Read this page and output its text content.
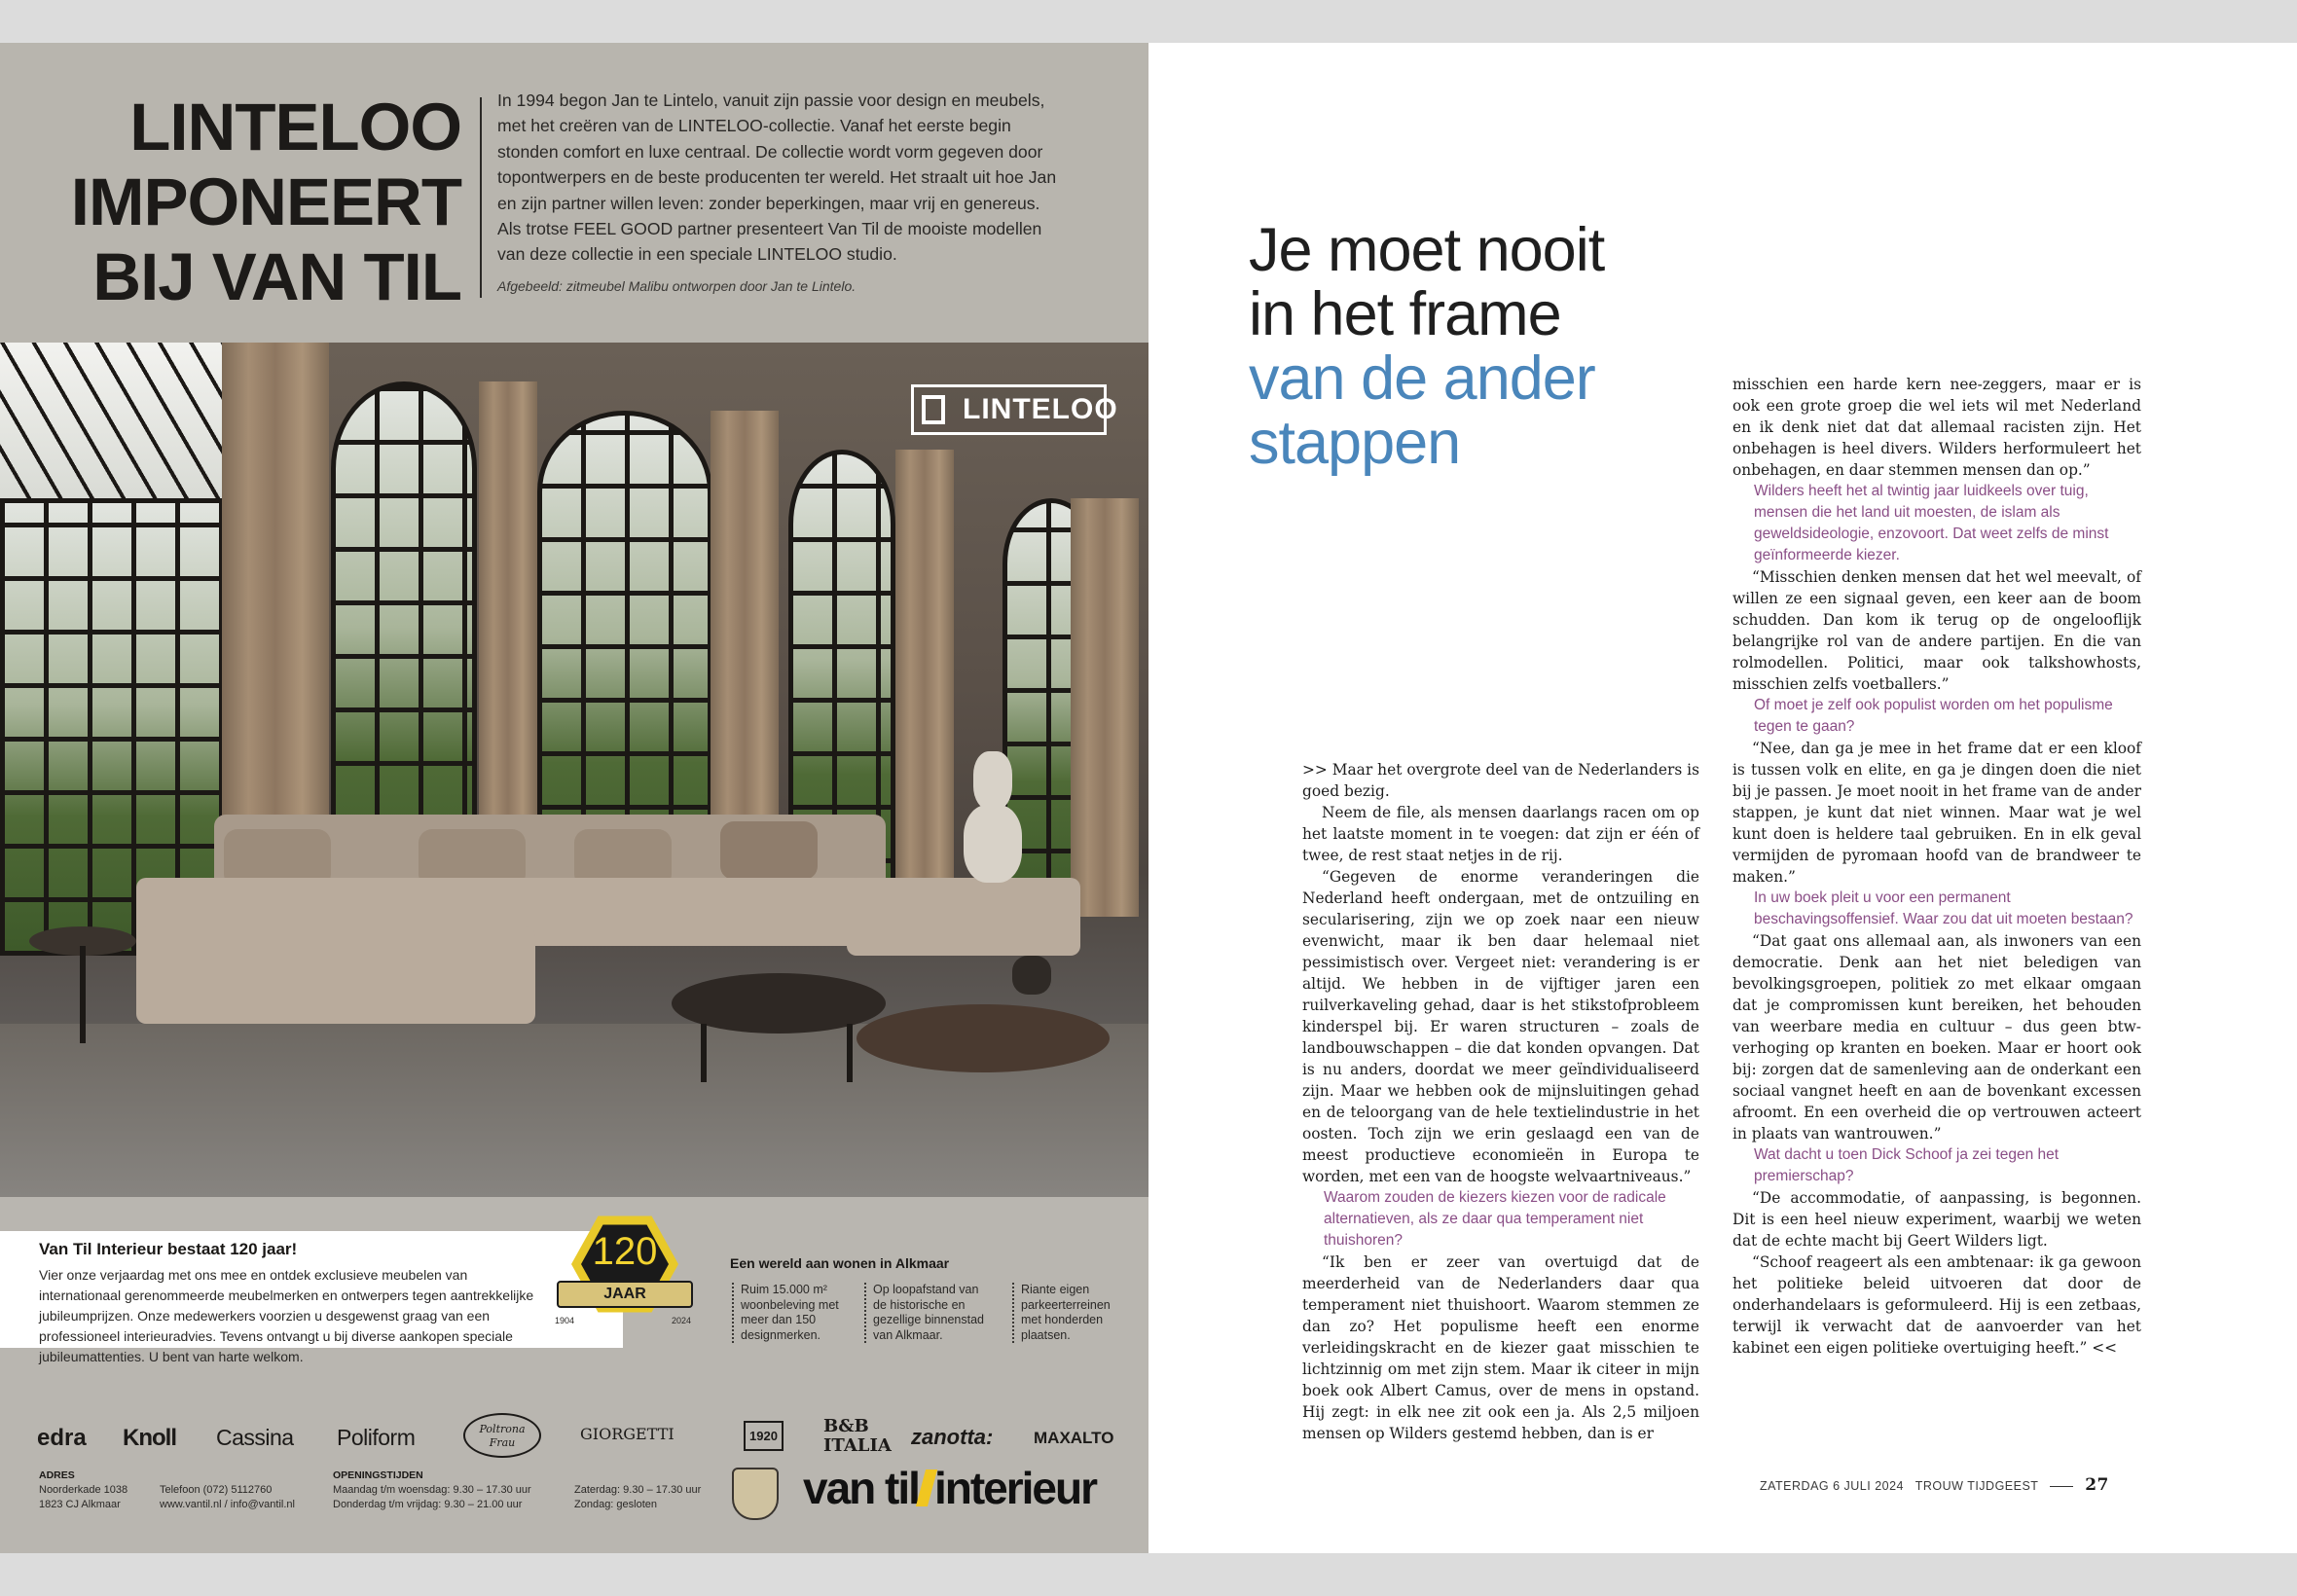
LINTELOO
IMPONEERT
BIJ VAN TIL
In 1994 begon Jan te Lintelo, vanuit zijn passie voor design en meubels, met het creëren van de LINTELOO-collectie. Vanaf het eerste begin stonden comfort en luxe centraal. De collectie wordt vorm gegeven door topontwerpers en de beste producenten ter wereld. Het straalt uit hoe Jan en zijn partner willen leven: zonder beperkingen, maar vrij en genereus. Als trotse FEEL GOOD partner presenteert Van Til de mooiste modellen van deze collectie in een speciale LINTELOO studio.
Afgebeeld: zitmeubel Malibu ontworpen door Jan te Lintelo.
LINTELOO
Van Til Interieur bestaat 120 jaar!
Vier onze verjaardag met ons mee en ontdek exclusieve meubelen van internationaal gerenommeerde meubelmerken en ontwerpers tegen aantrekkelijke jubileumprijzen. Onze medewerkers voorzien u desgewenst graag van een professioneel interieuradvies. Tevens ontvangt u bij diverse aankopen speciale jubileumattenties. U bent van harte welkom.
120
JAAR
1904	2024
Een wereld aan wonen in Alkmaar
Ruim 15.000 m² woonbeleving met meer dan 150 designmerken.
Op loopafstand van de historische en gezellige binnenstad van Alkmaar.
Riante eigen parkeerterreinen met honderden plaatsen.
edra Knoll Cassina Poliform	Poltrona Frau	GIORGETTI	1920	B&B ITALIA zanotta: MAXALTO
ADRES
Noorderkade 1038
1823 CJ Alkmaar
Telefoon (072) 5112760
www.vantil.nl / info@vantil.nl
OPENINGSTIJDEN
Maandag t/m woensdag: 9.30 – 17.30 uur
Donderdag t/m vrijdag: 9.30 – 21.00 uur
Zaterdag: 9.30 – 17.30 uur
Zondag: gesloten	van til interieur
Je moet nooit
in het frame
van de ander
stappen

>> Maar het overgrote deel van de Nederlanders is goed bezig.

Neem de file, als mensen daarlangs racen om op het laatste moment in te voegen: dat zijn er één of twee, de rest staat netjes in de rij.

“Gegeven de enorme veranderingen die Nederland heeft ondergaan, met de ontzuiling en secularisering, zijn we op zoek naar een nieuw evenwicht, maar ik ben daar helemaal niet pessimistisch over. Vergeet niet: verandering is er altijd. We hebben in de vijftiger jaren een ruilverkaveling gehad, daar is het stikstofprobleem kinderspel bij. Er waren structuren – zoals de landbouwschappen – die dat konden opvangen. Dat is nu anders, doordat we meer geïndividualiseerd zijn. Maar we hebben ook de mijnsluitingen gehad en de teloorgang van de hele textielindustrie in het oosten. Toch zijn we erin geslaagd een van de meest productieve economieën in Europa te worden, met een van de hoogste welvaartniveaus.”

Waarom zouden de kiezers kiezen voor de radicale alternatieven, als ze daar qua temperament niet thuishoren?

“Ik ben er zeer van overtuigd dat de meerderheid van de Nederlanders daar qua temperament niet thuishoort. Waarom stemmen ze dan zo? Het populisme heeft een enorme verleidingskracht en de kiezer gaat misschien te lichtzinnig om met zijn stem. Maar ik citeer in mijn boek ook Albert Camus, over de mens in opstand. Hij zegt: in elk nee zit ook een ja. Als 2,5 miljoen mensen op Wilders gestemd hebben, dan is er

misschien een harde kern nee-zeggers, maar er is ook een grote groep die wel iets wil met Nederland en ik denk niet dat dat allemaal racisten zijn. Het onbehagen is heel divers. Wilders herformuleert het onbehagen, en daar stemmen mensen dan op.”

Wilders heeft het al twintig jaar luidkeels over tuig, mensen die het land uit moesten, de islam als geweldsideologie, enzovoort. Dat weet zelfs de minst geïnformeerde kiezer.

“Misschien denken mensen dat het wel meevalt, of willen ze een signaal geven, een keer aan de boom schudden. Dan kom ik terug op de ongelooflijk belangrijke rol van de andere partijen. En die van rolmodellen. Politici, maar ook talkshowhosts, misschien zelfs voetballers.”

Of moet je zelf ook populist worden om het populisme tegen te gaan?

“Nee, dan ga je mee in het frame dat er een kloof is tussen volk en elite, en ga je dingen doen die niet bij je passen. Je moet nooit in het frame van de ander stappen, je kunt dat niet winnen. Maar wat je wel kunt doen is heldere taal gebruiken. En in elk geval vermijden de pyromaan hoofd van de brandweer te maken.”

In uw boek pleit u voor een permanent beschavingsoffensief. Waar zou dat uit moeten bestaan?

“Dat gaat ons allemaal aan, als inwoners van een democratie. Denk aan het niet beledigen van bevolkingsgroepen, politiek zo met elkaar omgaan dat je compromissen kunt bereiken, het behouden van weerbare media en cultuur – dus geen btw-verhoging op kranten en boeken. Maar er hoort ook bij: zorgen dat de samenleving aan de onderkant een sociaal vangnet heeft en aan de bovenkant excessen afroomt. En een overheid die op vertrouwen acteert in plaats van wantrouwen.”

Wat dacht u toen Dick Schoof ja zei tegen het premierschap?

“De accommodatie, of aanpassing, is begonnen. Dit is een heel nieuw experiment, waarbij we weten dat de echte macht bij Geert Wilders ligt.

“Schoof reageert als een ambtenaar: ik ga gewoon het politieke beleid uitvoeren dat door de onderhandelaars is geformuleerd. Hij is een zetbaas, terwijl ik verwacht dat de aanvoerder van het kabinet een eigen politieke overtuiging heeft.” <<

ZATERDAG 6 JULI 2024 TROUW TIJDGEEST	27
